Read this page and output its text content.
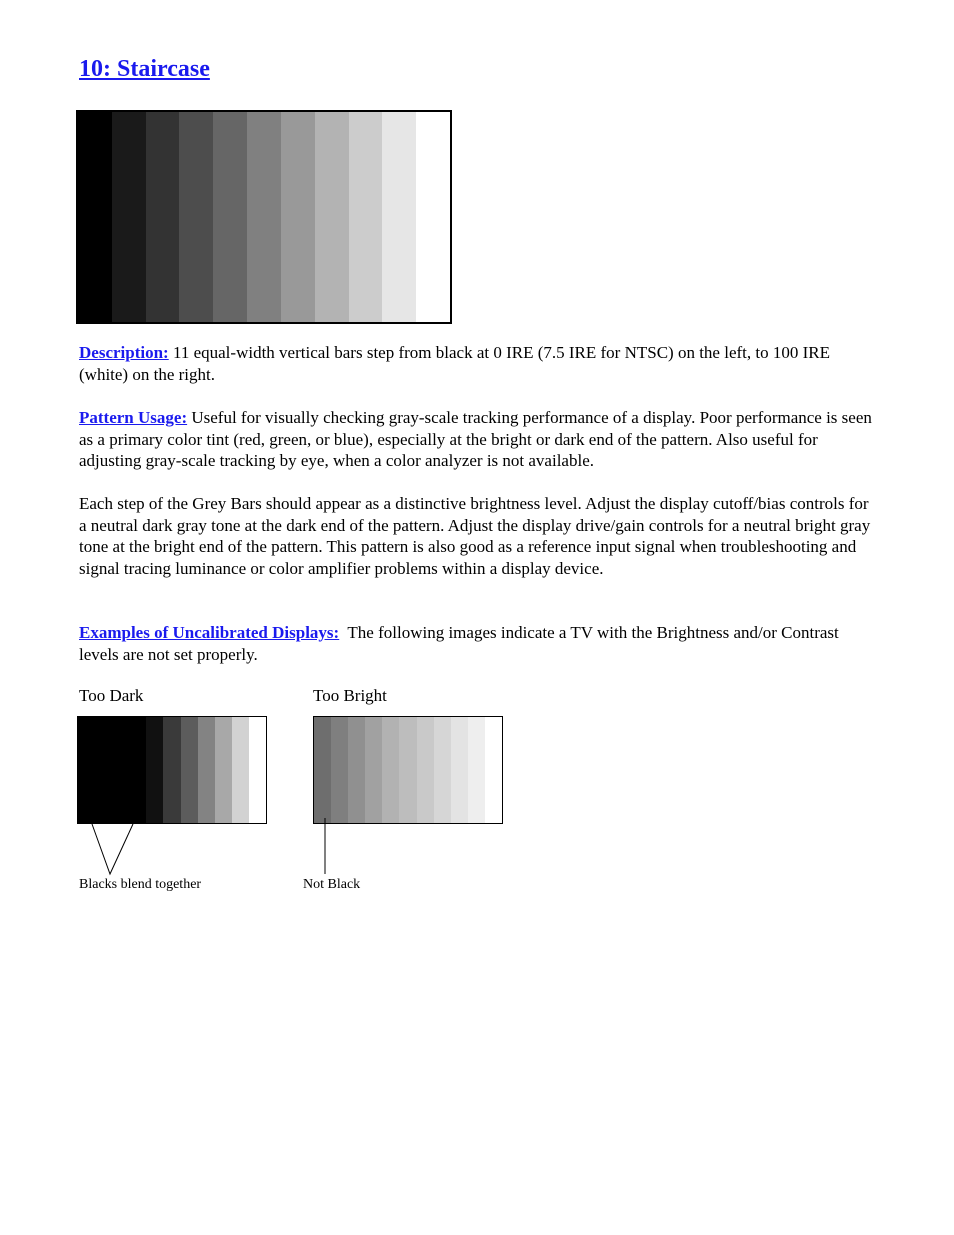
10: Staircase

Description: 11 equal-width vertical bars step from black at 0 IRE (7.5 IRE for NTSC) on the left, to 100 IRE (white) on the right.

Pattern Usage: Useful for visually checking gray-scale tracking performance of a display. Poor performance is seen as a primary color tint (red, green, or blue), especially at the bright or dark end of the pattern. Also useful for adjusting gray-scale tracking by eye, when a color analyzer is not available.

Each step of the Grey Bars should appear as a distinctive brightness level. Adjust the display cutoff/bias controls for a neutral dark gray tone at the dark end of the pattern. Adjust the display drive/gain controls for a neutral bright gray tone at the bright end of the pattern. This pattern is also good as a reference input signal when troubleshooting and signal tracing luminance or color amplifier problems within a display device.

Examples of Uncalibrated Displays:  The following images indicate a TV with the Brightness and/or Contrast levels are not set properly.

Too Dark	Too Bright
Blacks blend together	Not Black
